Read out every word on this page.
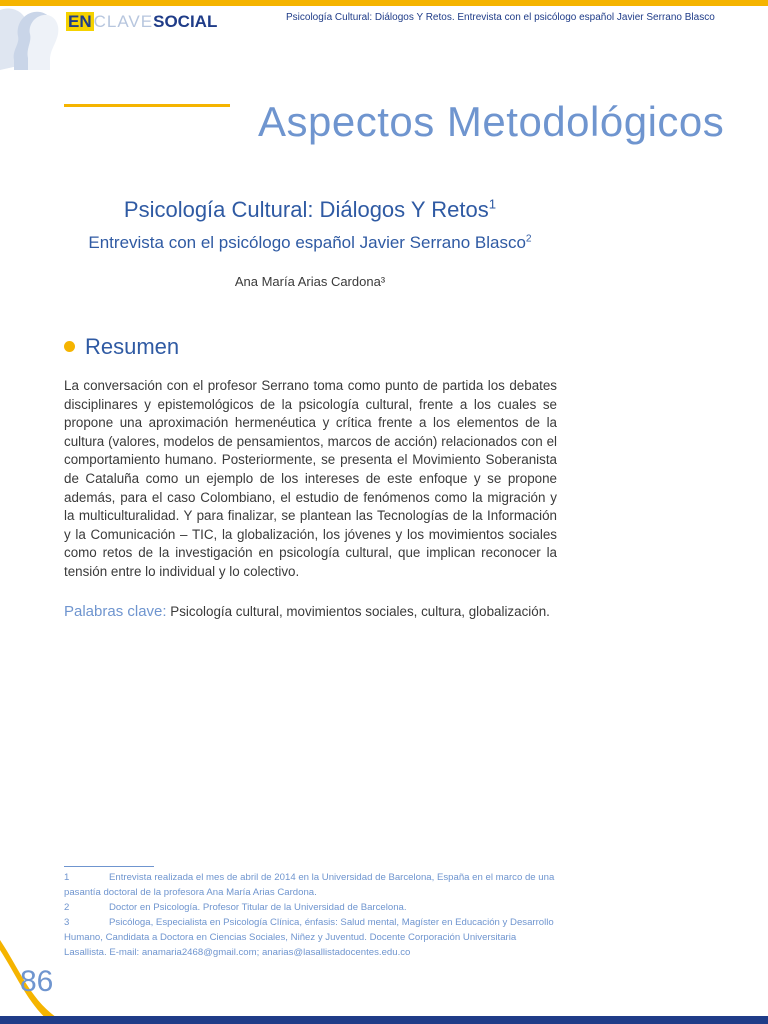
EN CLAVESOCIAL	Psicología Cultural: Diálogos Y Retos. Entrevista con el psicólogo español Javier Serrano Blasco
Aspectos Metodológicos
Psicología Cultural: Diálogos Y Retos$^1$
Entrevista con el psicólogo español Javier Serrano Blasco$^2$
Ana María Arias Cardona³
Resumen

La conversación con el profesor Serrano toma como punto de partida los debates disciplinares y epistemológicos de la psicología cultural, frente a los cuales se propone una aproximación hermenéutica y crítica frente a los elementos de la cultura (valores, modelos de pensamientos, marcos de acción) relacionados con el comportamiento humano. Posteriormente, se presenta el Movimiento Soberanista de Cataluña como un ejemplo de los intereses de este enfoque y se propone además, para el caso Colombiano, el estudio de fenómenos como la migración y la multiculturalidad. Y para finalizar, se plantean las Tecnologías de la Información y la Comunicación – TIC, la globalización, los jóvenes y los movimientos sociales como retos de la investigación en psicología cultural, que implican reconocer la tensión entre lo individual y lo colectivo.

Palabras clave: Psicología cultural, movimientos sociales, cultura, globalización.

1	Entrevista realizada el mes de abril de 2014 en la Universidad de Barcelona, España en el marco de una pasantía doctoral de la profesora Ana María Arias Cardona.

2	Doctor en Psicología. Profesor Titular de la Universidad de Barcelona.

3	Psicóloga, Especialista en Psicología Clínica, énfasis: Salud mental, Magíster en Educación y Desarrollo Humano, Candidata a Doctora en Ciencias Sociales, Niñez y Juventud. Docente Corporación Universitaria Lasallista. E-mail: anamaria2468@gmail.com; anarias@lasallistadocentes.edu.co

86
